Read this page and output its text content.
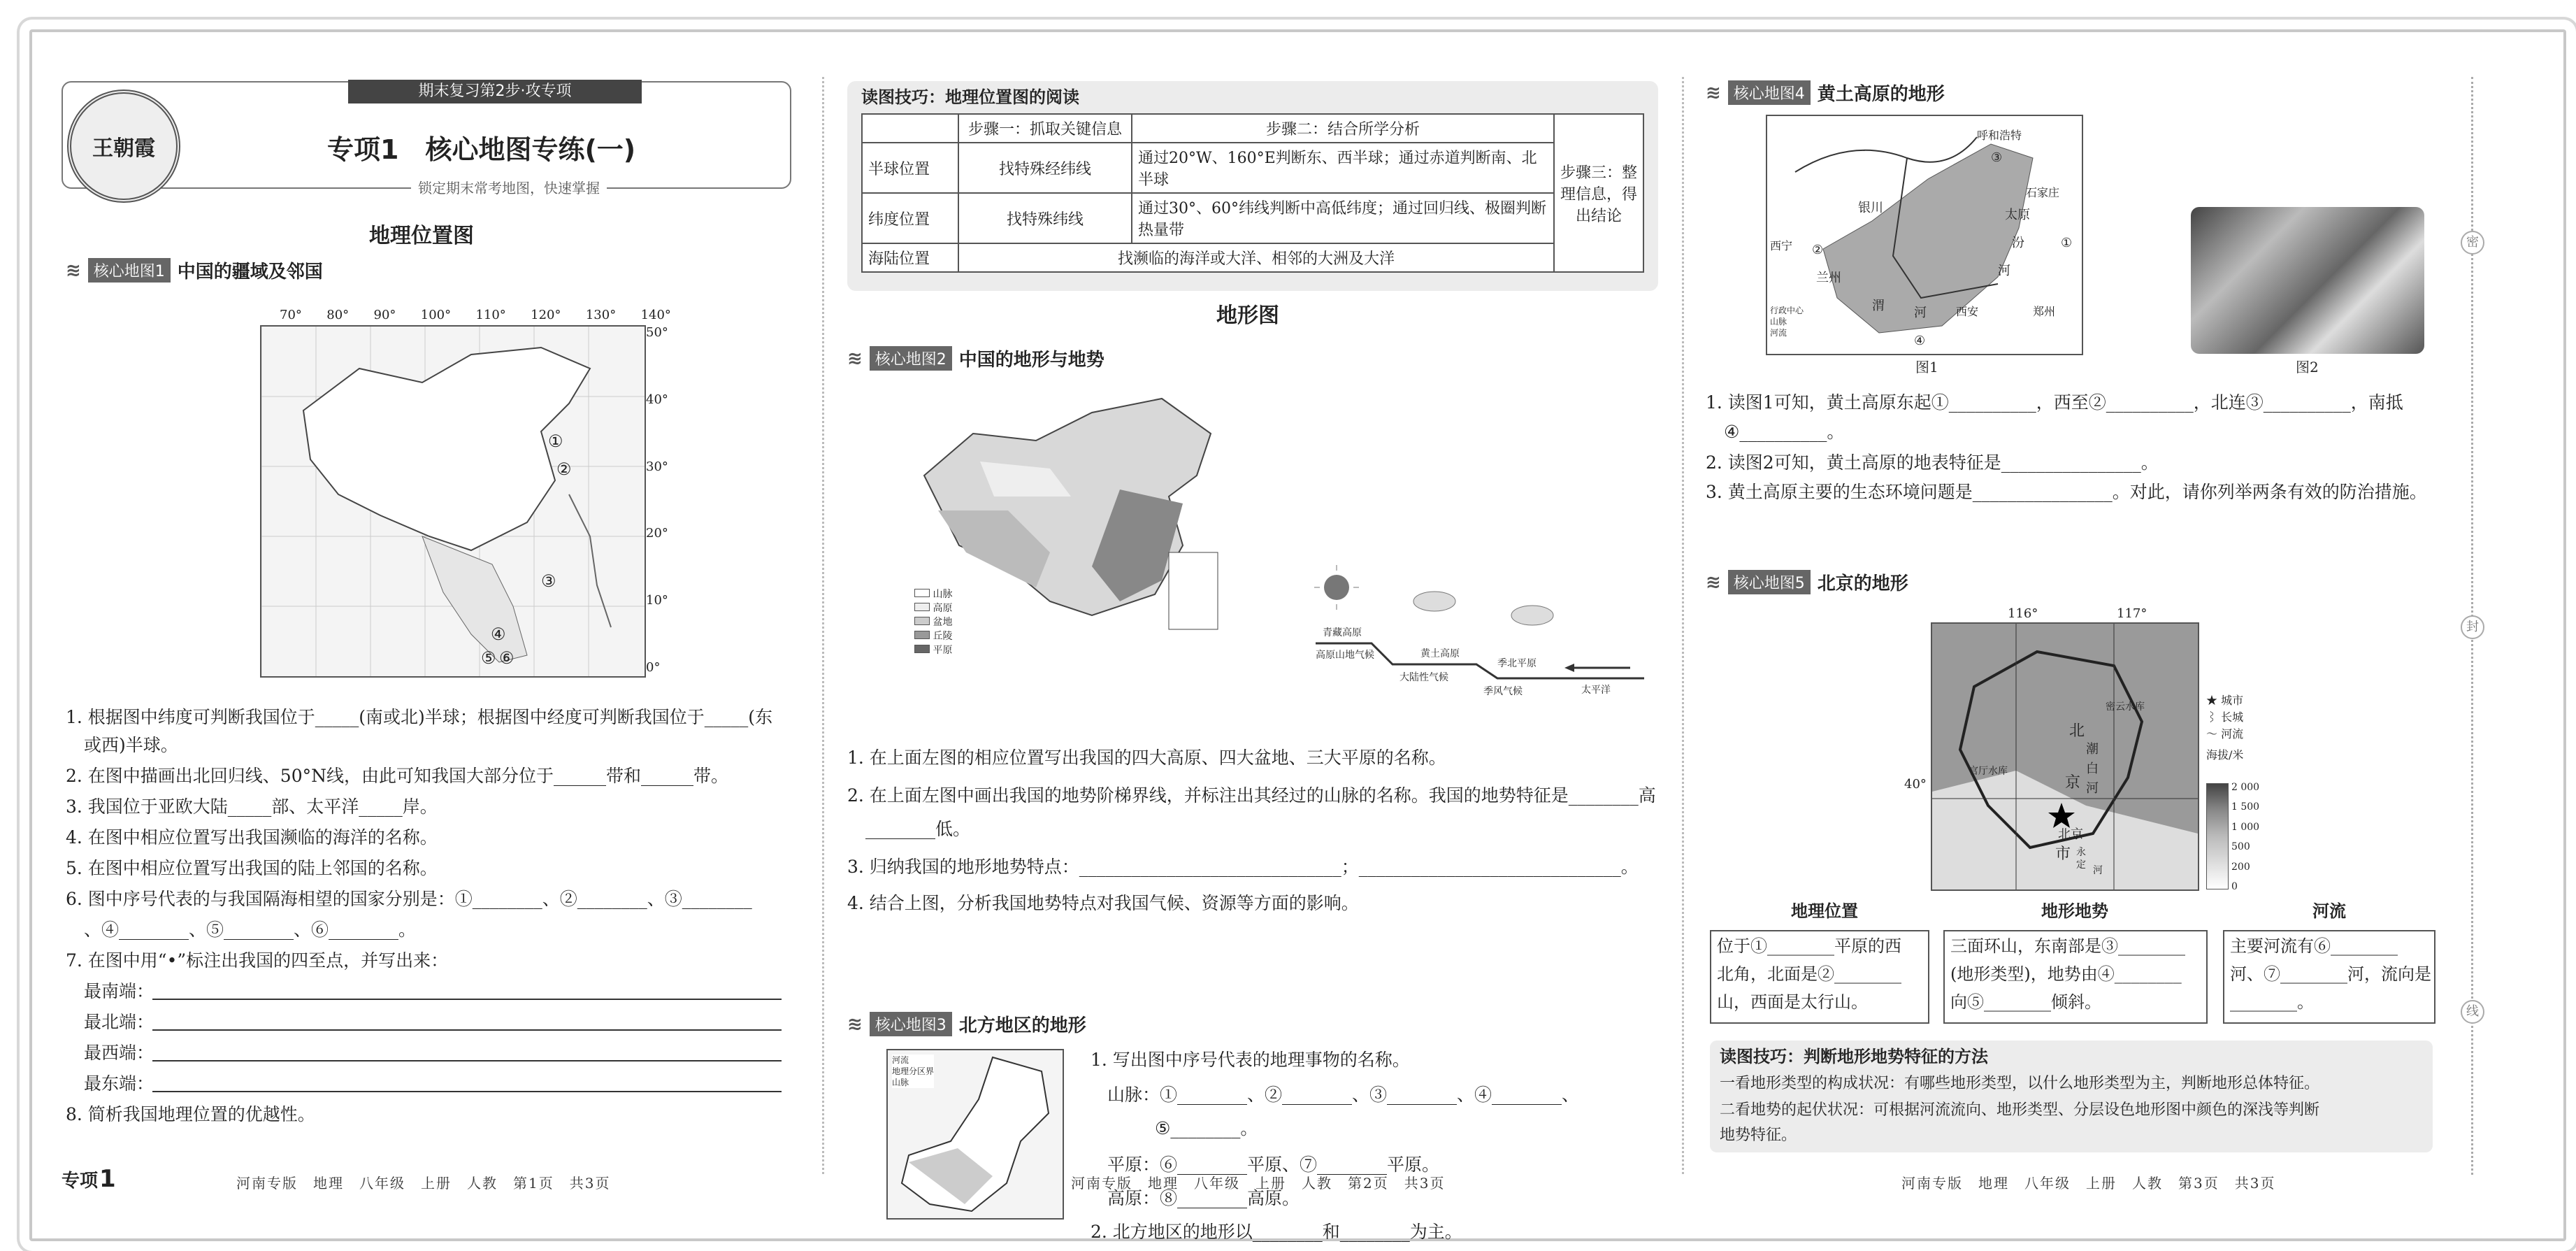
期末复习第2步·攻专项
王朝霞	专项1　核心地图专练(一)
锁定期末常考地图，快速掌握
地理位置图
≋ 核心地图1 中国的疆域及邻国
70° 80° 90° 100° 110° 120° 130° 140°
50°
40°
30°
20°
10°
0°
①
②
③
④
⑤ ⑥
1. 根据图中纬度可判断我国位于_____(南或北)半球；根据图中经度可判断我国位于_____(东
或西)半球。
2. 在图中描画出北回归线、50°N线，由此可知我国大部分位于______带和______带。
3. 我国位于亚欧大陆_____部、太平洋_____岸。
4. 在图中相应位置写出我国濒临的海洋的名称。
5. 在图中相应位置写出我国的陆上邻国的名称。
6. 图中序号代表的与我国隔海相望的国家分别是：①________、②________、③________
、④________、⑤________、⑥________。
7. 在图中用“•”标注出我国的四至点，并写出来：
最南端：
最北端：
最西端：
最东端：
8. 简析我国地理位置的优越性。
专项 1	河南专版　地理　八年级　上册　人教　第1页　共3页
读图技巧：地理位置图的阅读
	步骤一：抓取关键信息	步骤二：结合所学分析	步骤三：整理信息，得出结论
半球位置	找特殊经纬线	通过20°W、160°E判断东、西半球；通过赤道判断南、北半球	
纬度位置	找特殊纬线	通过30°、60°纬线判断中高低纬度；通过回归线、极圈判断热量带	
海陆位置	找濒临的海洋或大洋、相邻的大洲及大洋		
地形图
≋ 核心地图2 中国的地形与地势
山脉
高原
盆地
丘陵
平原
青藏高原
高原山地气候	黄土高原
大陆性气候
季风气候
季北平原
太平洋
1. 在上面左图的相应位置写出我国的四大高原、四大盆地、三大平原的名称。
2. 在上面左图中画出我国的地势阶梯界线，并标注出其经过的山脉的名称。我国的地势特征是________高
________低。
3. 归纳我国的地形地势特点：______________________________；______________________________。
4. 结合上图，分析我国地势特点对我国气候、资源等方面的影响。
≋ 核心地图3 北方地区的地形
河流
地理分区界
山脉
1. 写出图中序号代表的地理事物的名称。
山脉：①________、②________、③________、④________、
⑤________。
平原：⑥________平原、⑦________平原。
高原：⑧________高原。
2. 北方地区的地形以________和________为主。
河南专版　地理　八年级　上册　人教　第2页　共3页
≋ 核心地图4 黄土高原的地形
呼和浩特
银川
石家庄
太原
西宁
兰州
渭 河	西安	郑州
汾
河
①
②
③
④
行政中心
山脉
河流
图1	图2
1. 读图1可知，黄土高原东起①__________，西至②__________，北连③__________，南抵
④__________。
2. 读图2可知，黄土高原的地表特征是________________。
3. 黄土高原主要的生态环境问题是________________。对此，请你列举两条有效的防治措施。
≋ 核心地图5 北京的地形
116°	117°
40°
北
潮
白
河
京
北京
市 永
定 河
密云水库
官厅水库
★ 城市
⌇ 长城
～ 河流
海拔/米
2 000
1 500
1 000
500
200
0
地理位置	地形地势	河流
位于①________平原的西
北角，北面是②________
山，西面是太行山。
三面环山，东南部是③________
(地形类型)，地势由④________
向⑤________倾斜。
主要河流有⑥________
河、⑦________河，流向是
________。
读图技巧：判断地形地势特征的方法
一看地形类型的构成状况：有哪些地形类型，以什么地形类型为主，判断地形总体特征。
二看地势的起伏状况：可根据河流流向、地形类型、分层设色地形图中颜色的深浅等判断
地势特征。
河南专版　地理　八年级　上册　人教　第3页　共3页
密
封
线
